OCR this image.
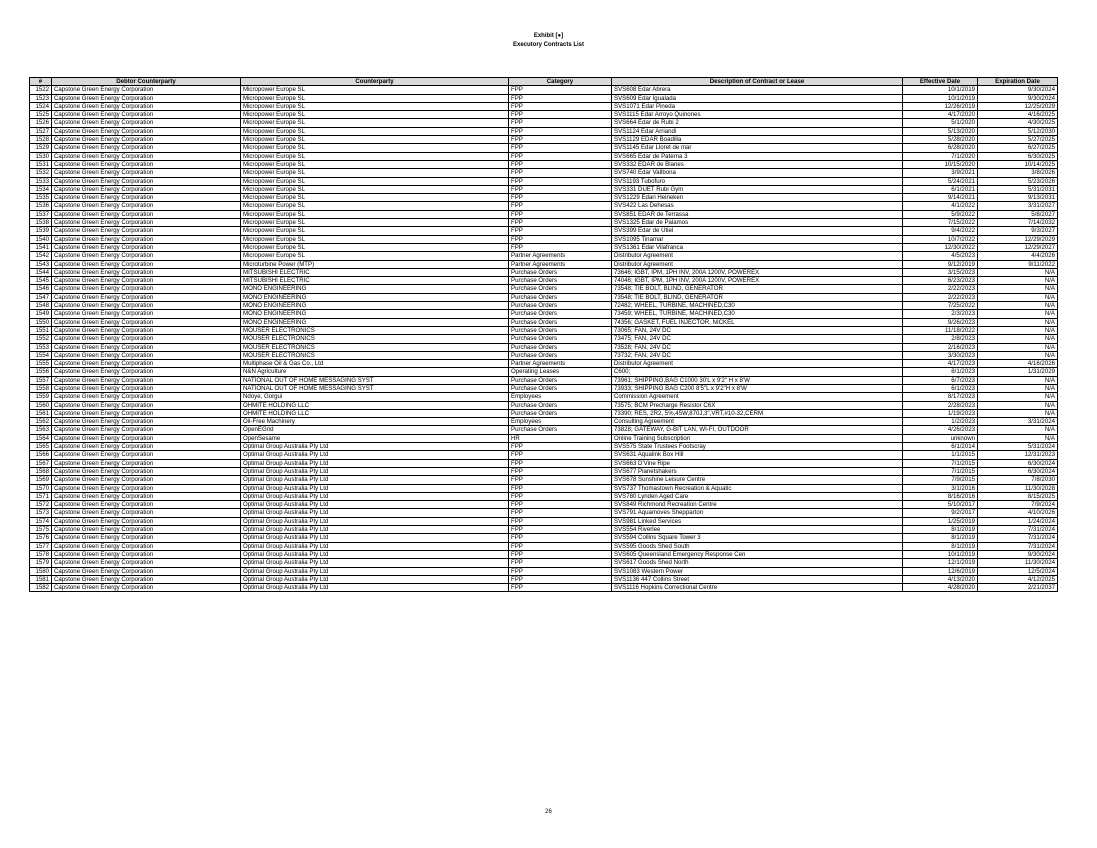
Exhibit [●]
Executory Contracts List
#	Debtor Counterparty	Counterparty	Category	Description of Contract or Lease	Effective Date	Expiration Date
1522	Capstone Green Energy Corporation	Micropower Europe SL	FPP	SVS608 Edar Abrera	10/1/2019	9/30/2024
1523	Capstone Green Energy Corporation	Micropower Europe SL	FPP	SVS609 Edar Igualada	10/1/2019	9/30/2024
1524	Capstone Green Energy Corporation	Micropower Europe SL	FPP	SVS1071 Edar Pineda	12/26/2019	12/25/2029
1525	Capstone Green Energy Corporation	Micropower Europe SL	FPP	SVS1115 Edar Arroyo Quinones	4/17/2020	4/16/2025
1526	Capstone Green Energy Corporation	Micropower Europe SL	FPP	SVS664 Edar de Rubi 2	5/1/2020	4/30/2025
1527	Capstone Green Energy Corporation	Micropower Europe SL	FPP	SVS1124 Edar Arriandi	5/13/2020	5/12/2030
1528	Capstone Green Energy Corporation	Micropower Europe SL	FPP	SVS1129 EDAR Boadilla	5/28/2020	5/27/2025
1529	Capstone Green Energy Corporation	Micropower Europe SL	FPP	SVS1145 Edar Lloret de mar	6/28/2020	6/27/2025
1530	Capstone Green Energy Corporation	Micropower Europe SL	FPP	SVS665 Edar de Paterna 3	7/1/2020	6/30/2025
1531	Capstone Green Energy Corporation	Micropower Europe SL	FPP	SVS332 EDAR de Blanes	10/15/2020	10/14/2025
1532	Capstone Green Energy Corporation	Micropower Europe SL	FPP	SVS740 Edar Vallbona	3/9/2021	3/8/2026
1533	Capstone Green Energy Corporation	Micropower Europe SL	FPP	SVS1193 Tubofuro	5/24/2021	5/23/2026
1534	Capstone Green Energy Corporation	Micropower Europe SL	FPP	SVS331 DUET Rubi Gym	6/1/2021	5/31/2031
1535	Capstone Green Energy Corporation	Micropower Europe SL	FPP	SVS1229 Edari Heineken	9/14/2021	9/13/2031
1536	Capstone Green Energy Corporation	Micropower Europe SL	FPP	SVS422 Las Dehesas	4/1/2022	3/31/2027
1537	Capstone Green Energy Corporation	Micropower Europe SL	FPP	SVS851 EDAR de Terrassa	5/9/2022	5/8/2027
1538	Capstone Green Energy Corporation	Micropower Europe SL	FPP	SVS1325 Edar de Palamos	7/15/2022	7/14/2032
1539	Capstone Green Energy Corporation	Micropower Europe SL	FPP	SVS399 Edar de Utiel	9/4/2022	9/3/2027
1540	Capstone Green Energy Corporation	Micropower Europe SL	FPP	SVS1095 Tinamar	10/7/2022	12/29/2029
1541	Capstone Green Energy Corporation	Micropower Europe SL	FPP	SVS1361 Edar Vilafranca	12/30/2022	12/29/2027
1542	Capstone Green Energy Corporation	Micropower Europe SL	Partner Agreements	Distributor Agreement	4/5/2023	4/4/2026
1543	Capstone Green Energy Corporation	Microturbine Power (MTP)	Partner Agreements	Distributor Agreement	9/12/2019	9/11/2022
1544	Capstone Green Energy Corporation	MITSUBISHI ELECTRIC	Purchase Orders	73646; IGBT, IPM, 1PH INV, 200A 1200V, POWEREX	3/15/2023	N/A
1545	Capstone Green Energy Corporation	MITSUBISHI ELECTRIC	Purchase Orders	74046; IGBT, IPM, 1PH INV, 200A 1200V, POWEREX	6/23/2023	N/A
1546	Capstone Green Energy Corporation	MONO ENGINEERING	Purchase Orders	73548; TIE BOLT, BLIND, GENERATOR	2/22/2023	N/A
1547	Capstone Green Energy Corporation	MONO ENGINEERING	Purchase Orders	73548; TIE BOLT, BLIND, GENERATOR	2/22/2023	N/A
1548	Capstone Green Energy Corporation	MONO ENGINEERING	Purchase Orders	72482; WHEEL, TURBINE, MACHINED,C30	7/25/2022	N/A
1549	Capstone Green Energy Corporation	MONO ENGINEERING	Purchase Orders	73459; WHEEL, TURBINE, MACHINED,C30	2/3/2023	N/A
1550	Capstone Green Energy Corporation	MONO ENGINEERING	Purchase Orders	74356; GASKET, FUEL INJECTOR, NICKEL	9/26/2023	N/A
1551	Capstone Green Energy Corporation	MOUSER ELECTRONICS	Purchase Orders	73065; FAN, 24V DC	11/18/2022	N/A
1552	Capstone Green Energy Corporation	MOUSER ELECTRONICS	Purchase Orders	73475; FAN, 24V DC	2/8/2023	N/A
1553	Capstone Green Energy Corporation	MOUSER ELECTRONICS	Purchase Orders	73528; FAN, 24V DC	2/16/2023	N/A
1554	Capstone Green Energy Corporation	MOUSER ELECTRONICS	Purchase Orders	73732; FAN, 24V DC	3/30/2023	N/A
1555	Capstone Green Energy Corporation	Multiphase Oil & Gas Co., Ltd	Partner Agreements	Distributor Agreement	4/17/2023	4/16/2026
1556	Capstone Green Energy Corporation	N&N Agriculture	Operating Leases	C600;	8/1/2023	1/31/2029
1557	Capstone Green Energy Corporation	NATIONAL OUT OF HOME MESSAGING SYST	Purchase Orders	73961; SHIPPING,BAG C1000 30'L x 9'2" H x 8'W	6/7/2023	N/A
1558	Capstone Green Energy Corporation	NATIONAL OUT OF HOME MESSAGING SYST	Purchase Orders	73933; SHIPPING BAG C200 8'5"L x 9'2"H x 8'W	6/1/2023	N/A
1559	Capstone Green Energy Corporation	Ndoye, Gorgui	Employees	Commission Agreement	8/17/2023	N/A
1560	Capstone Green Energy Corporation	OHMITE HOLDING LLC	Purchase Orders	73575; BCM Precharge Resistor C6X	2/28/2023	N/A
1561	Capstone Green Energy Corporation	OHMITE HOLDING LLC	Purchase Orders	73390; RES, 2R2, 5%,45W,870J,3",VRT,#10-32,CERM	1/19/2023	N/A
1562	Capstone Green Energy Corporation	Oil-Free Machinery	Employees	Consulting Agreement	1/2/2023	3/31/2024
1563	Capstone Green Energy Corporation	OpenEGrid	Purchase Orders	73828; GATEWAY, G-BIT LAN, WI-FI, OUTDOOR	4/26/2023	N/A
1564	Capstone Green Energy Corporation	OpenSesame	HR	Online Training Subscription	unknown	N/A
1565	Capstone Green Energy Corporation	Optimal Group Australia Pty Ltd	FPP	SVS575 State Trustees Footscray	6/1/2014	5/31/2024
1566	Capstone Green Energy Corporation	Optimal Group Australia Pty Ltd	FPP	SVS631 Aqualink Box Hill	1/1/2015	12/31/2023
1567	Capstone Green Energy Corporation	Optimal Group Australia Pty Ltd	FPP	SVS663 D'Vine Ripe	7/1/2015	6/30/2024
1568	Capstone Green Energy Corporation	Optimal Group Australia Pty Ltd	FPP	SVS677 Planetshakers	7/1/2015	6/30/2024
1569	Capstone Green Energy Corporation	Optimal Group Australia Pty Ltd	FPP	SVS678 Sunshine Leisure Centre	7/9/2015	7/8/2030
1570	Capstone Green Energy Corporation	Optimal Group Australia Pty Ltd	FPP	SVS737 Thomastown Recreation & Aquatic	3/1/2016	11/30/2028
1571	Capstone Green Energy Corporation	Optimal Group Australia Pty Ltd	FPP	SVS780 Lynden Aged Care	8/16/2016	8/15/2025
1572	Capstone Green Energy Corporation	Optimal Group Australia Pty Ltd	FPP	SVS849 Richmond Recreation Centre	5/10/2017	7/9/2024
1573	Capstone Green Energy Corporation	Optimal Group Australia Pty Ltd	FPP	SVS791 Aquamoves Shepparton	9/2/2017	4/10/2026
1574	Capstone Green Energy Corporation	Optimal Group Australia Pty Ltd	FPP	SVS981 Linked Services	1/25/2019	1/24/2024
1575	Capstone Green Energy Corporation	Optimal Group Australia Pty Ltd	FPP	SVS554 Riverlee	8/1/2019	7/31/2024
1576	Capstone Green Energy Corporation	Optimal Group Australia Pty Ltd	FPP	SVS594 Collins Square Tower 3	8/1/2019	7/31/2024
1577	Capstone Green Energy Corporation	Optimal Group Australia Pty Ltd	FPP	SVS595 Goods Shed South	8/1/2019	7/31/2024
1578	Capstone Green Energy Corporation	Optimal Group Australia Pty Ltd	FPP	SVS605 Queensland Emergency Response Cen	10/1/2019	9/30/2024
1579	Capstone Green Energy Corporation	Optimal Group Australia Pty Ltd	FPP	SVS617 Goods Shed North	12/1/2019	11/30/2024
1580	Capstone Green Energy Corporation	Optimal Group Australia Pty Ltd	FPP	SVS1083 Western Power	12/6/2019	12/5/2024
1581	Capstone Green Energy Corporation	Optimal Group Australia Pty Ltd	FPP	SVS1136 447 Collins Street	4/13/2020	4/12/2025
1582	Capstone Green Energy Corporation	Optimal Group Australia Pty Ltd	FPP	SVS1116 Hopkins Correctional Centre	4/28/2020	2/21/2037
26
